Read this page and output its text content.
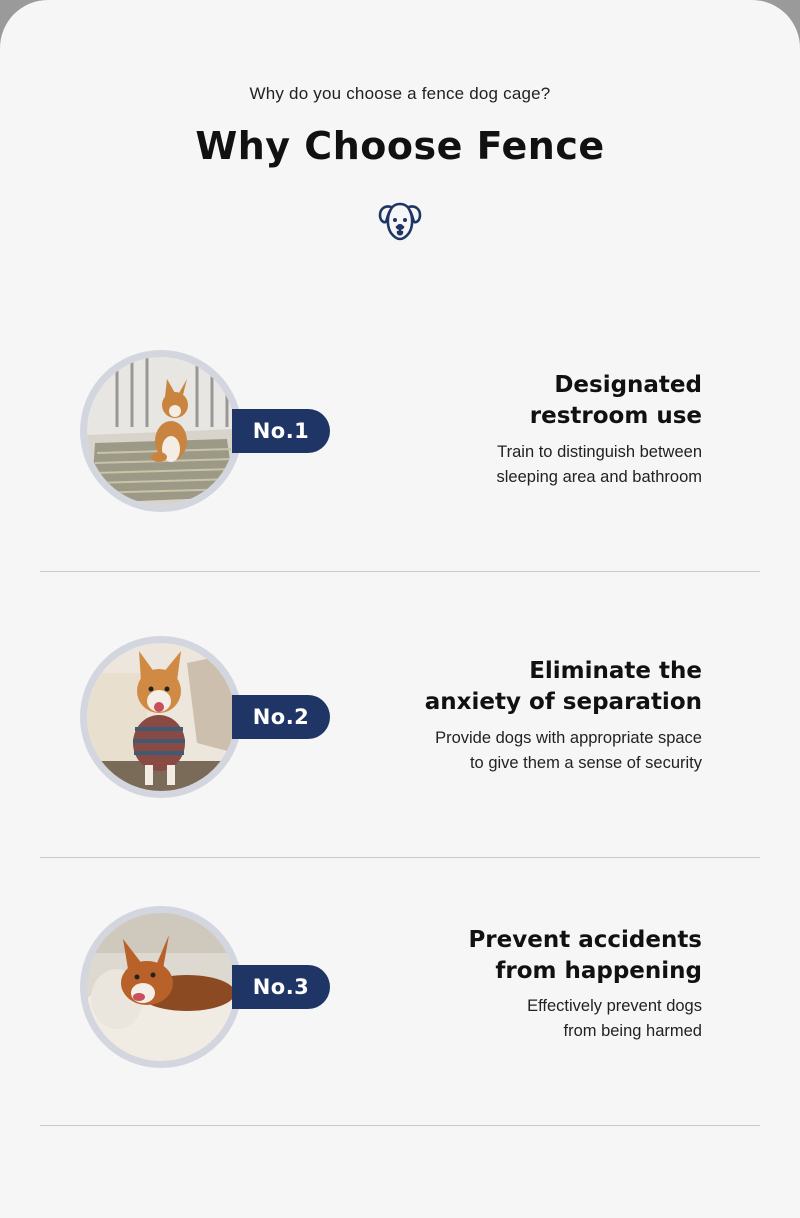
Why do you choose a fence dog cage?
Why Choose Fence
No.1
Designated
restroom use
Train to distinguish between
sleeping area and bathroom
No.2
Eliminate the
anxiety of separation
Provide dogs with appropriate space
to give them a sense of security
No.3
Prevent accidents
from happening
Effectively prevent dogs
from being harmed
